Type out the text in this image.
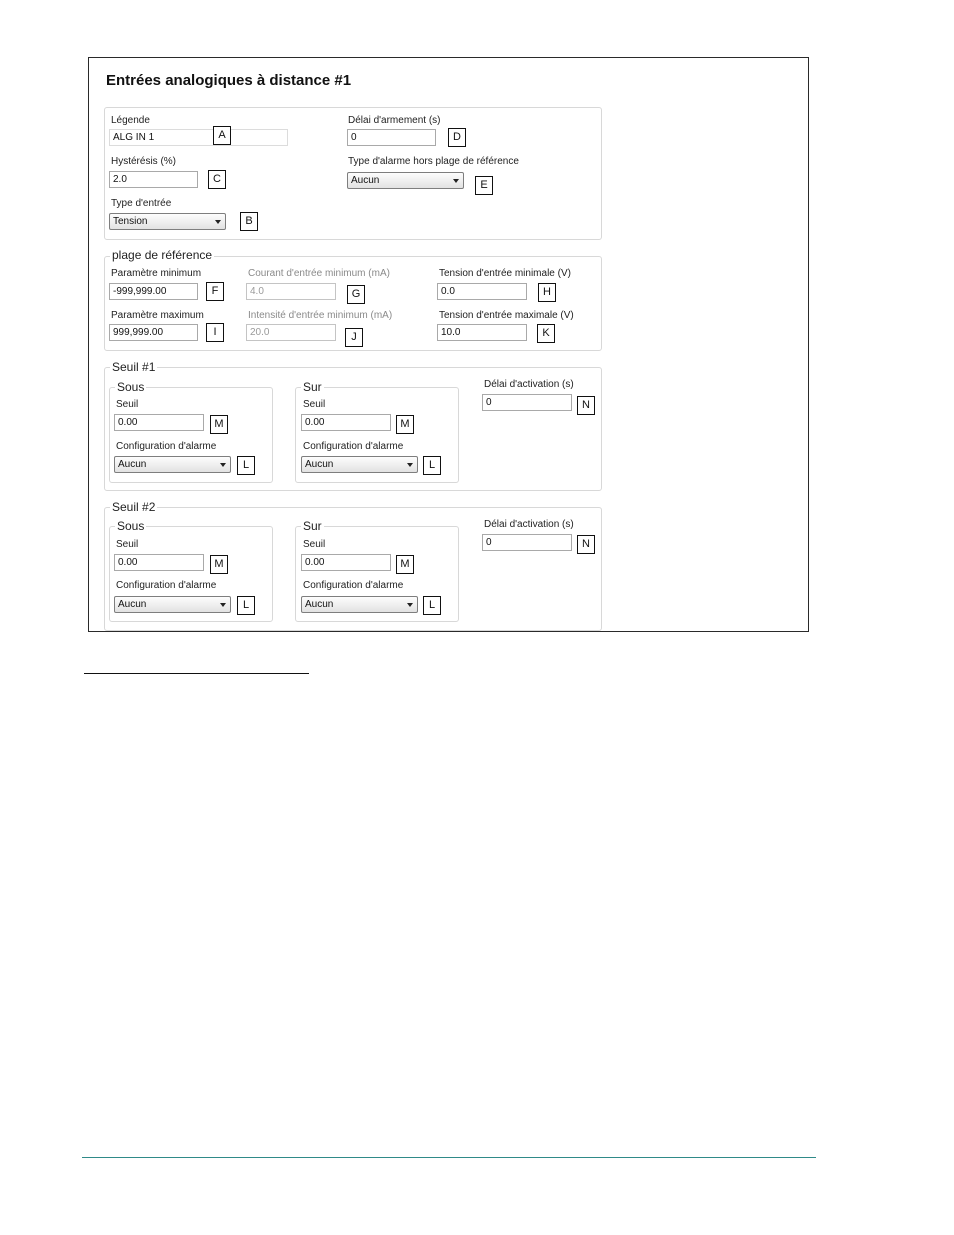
Entrées analogiques à distance #1
Légende
ALG IN 1	A
Hystérésis (%)
2.0	C
Type d'entrée
Tension	B
Délai d'armement (s)
0	D
Type d'alarme hors plage de référence
Aucun	E
plage de référence
Paramètre minimum
-999,999.00	F
Paramètre maximum
999,999.00	I
Courant d'entrée minimum (mA)
4.0	G
Intensité d'entrée minimum (mA)
20.0	J
Tension d'entrée minimale (V)
0.0	H
Tension d'entrée maximale (V)
10.0	K
Seuil #1
Sous
Seuil
0.00	M
Configuration d'alarme
Aucun	L
Sur
Seuil
0.00	M
Configuration d'alarme
Aucun	L
Délai d'activation (s)
0	N
Seuil #2
Sous
Seuil
0.00	M
Configuration d'alarme
Aucun	L
Sur
Seuil
0.00	M
Configuration d'alarme
Aucun	L
Délai d'activation (s)
0	N
